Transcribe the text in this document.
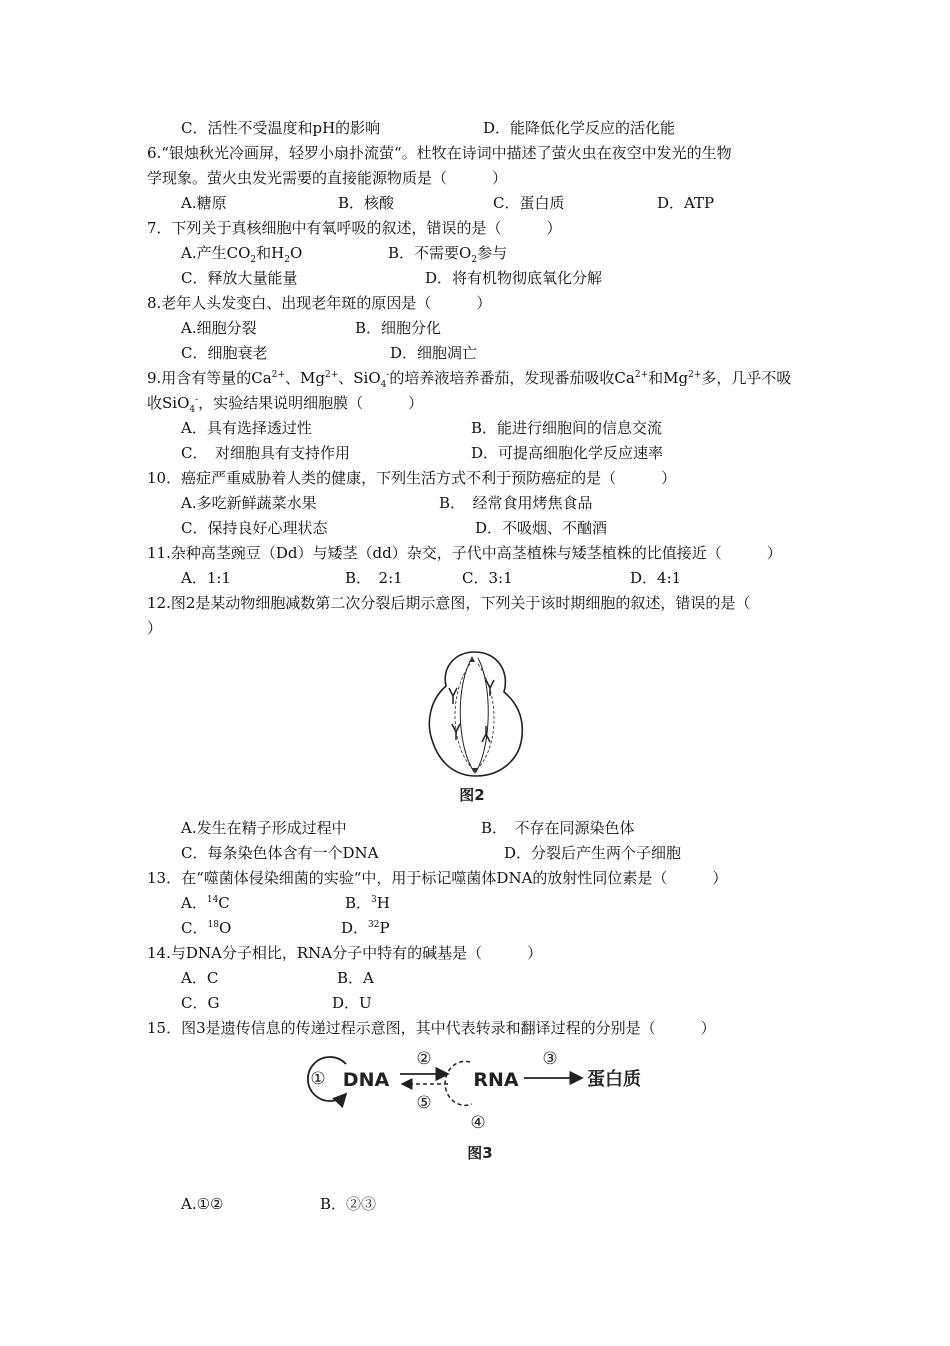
C．活性不受温度和pH的影响	D．能降低化学反应的活化能
6.“银烛秋光冷画屏，轻罗小扇扑流萤“。杜牧在诗词中描述了萤火虫在夜空中发光的生物
学现象。萤火虫发光需要的直接能源物质是（　　　）
A.糖原	B．核酸	C．蛋白质	D．ATP
7．下列关于真核细胞中有氧呼吸的叙述，错误的是（　　　）
A.产生$CO_2$和$H_2O$	B．不需要$O_2$参与
C．释放大量能量	D．将有机物彻底氧化分解
8.老年人头发变白、出现老年斑的原因是（　　　）
A.细胞分裂	B．细胞分化
C．细胞衰老	D．细胞凋亡
9.用含有等量的$Ca^{2+}$、$Mg^{2+}$、SiO$_4$-的培养液培养番茄，发现番茄吸收$Ca^{2+}$和$Mg^{2+}$多，几乎不吸
收SiO$_4$-，实验结果说明细胞膜（　　　）
A．具有选择透过性	B．能进行细胞间的信息交流
C．　对细胞具有支持作用	D．可提高细胞化学反应速率
10．癌症严重威胁着人类的健康，下列生活方式不利于预防癌症的是（　　　）
A.多吃新鲜蔬菜水果	B．　经常食用烤焦食品
C．保持良好心理状态	D．不吸烟、不酗酒
11.杂种高茎豌豆（Dd）与矮茎（dd）杂交，子代中高茎植株与矮茎植株的比值接近（　　　）
A．1:1	B．　2:1	C．3:1	D．4:1
12.图2是某动物细胞减数第二次分裂后期示意图，下列关于该时期细胞的叙述，错误的是（
）
图2
A.发生在精子形成过程中	B．　不存在同源染色体
C．每条染色体含有一个DNA	D．分裂后产生两个子细胞
13．在“噬菌体侵染细菌的实验“中，用于标记噬菌体DNA的放射性同位素是（　　　）
A．$^{14}$C	B．$^3$H
C．$^{18}$O	D．$^{32}$P
14.与DNA分子相比，RNA分子中特有的碱基是（　　　）
A．C	B．A
C．G	D．U
15．图3是遗传信息的传递过程示意图，其中代表转录和翻译过程的分别是（　　　）
① DNA
②
⑤
RNA
④
③
蛋白质
图3
A.①②	B．②③
